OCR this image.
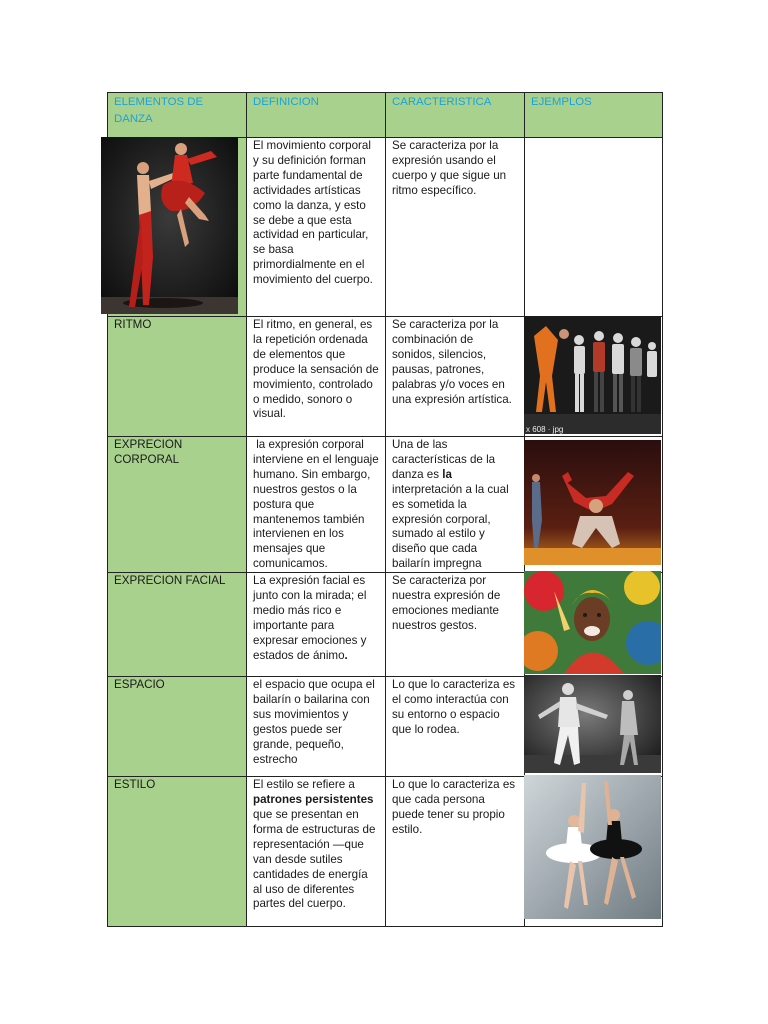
ELEMENTOS DE DANZA	DEFINICION	CARACTERISTICA	EJEMPLOS
	El movimiento corporal y su definición forman parte fundamental de actividades artísticas como la danza, y esto se debe a que esta actividad en particular, se basa primordialmente en el movimiento del cuerpo.	Se caracteriza por la expresión usando el cuerpo y que sigue un ritmo específico.	
RITMO	El ritmo, en general, es la repetición ordenada de elementos que produce la sensación de movimiento, controlado o medido, sonoro o visual.	Se caracteriza por la combinación de sonidos, silencios, pausas, patrones, palabras y/o voces en una expresión artística.	
EXPRECION CORPORAL	la expresión corporal interviene en el lenguaje humano. Sin embargo, nuestros gestos o la postura que mantenemos también intervienen en los mensajes que comunicamos.	Una de las características de la danza es la interpretación a la cual es sometida la expresión corporal, sumado al estilo y diseño que cada bailarín impregna	
EXPRECION FACIAL	La expresión facial es junto con la mirada; el medio más rico e importante para expresar emociones y estados de ánimo.	Se caracteriza por nuestra expresión de emociones mediante nuestros gestos.	
ESPACIO	el espacio que ocupa el bailarín o bailarina con sus movimientos y gestos puede ser grande, pequeño, estrecho	Lo que lo caracteriza es el como interactúa con su entorno o espacio que lo rodea.	
ESTILO	El estilo se refiere a patrones persistentes que se presentan en forma de estructuras de representación —que van desde sutiles cantidades de energía al uso de diferentes partes del cuerpo.	Lo que lo caracteriza es que cada persona puede tener su propio estilo.	
x 608 · jpg
